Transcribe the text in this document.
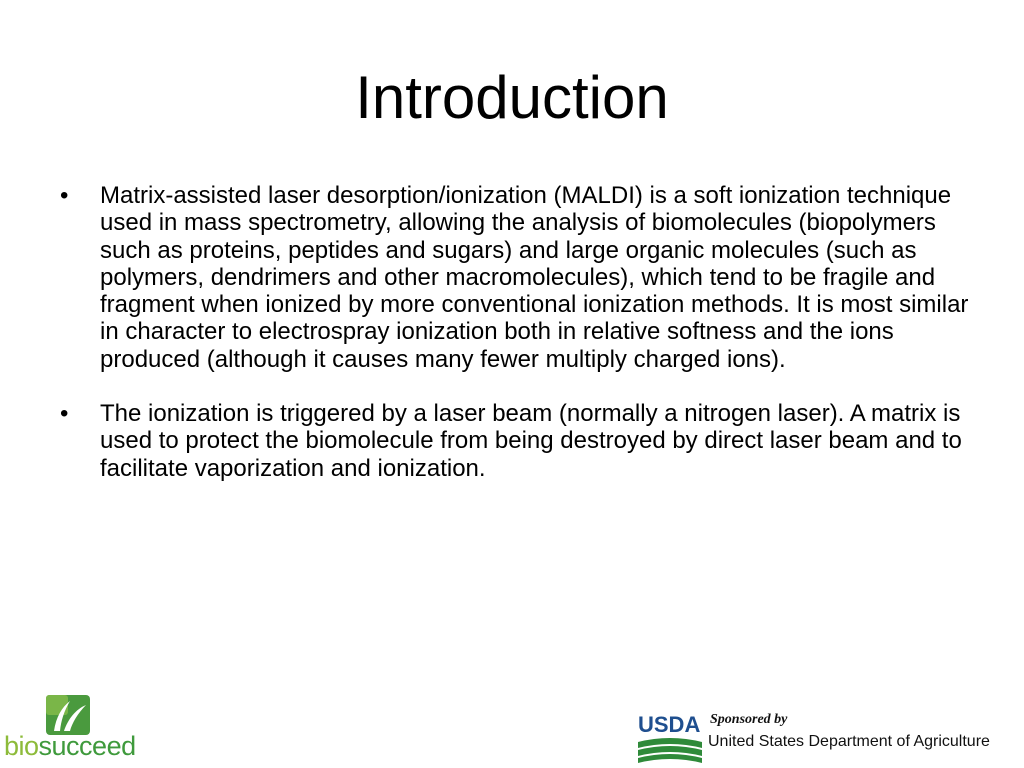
Introduction
• Matrix-assisted laser desorption/ionization (MALDI) is a soft ionization technique used in mass spectrometry, allowing the analysis of biomolecules (biopolymers such as proteins, peptides and sugars) and large organic molecules (such as polymers, dendrimers and other macromolecules), which tend to be fragile and fragment when ionized by more conventional ionization methods. It is most similar in character to electrospray ionization both in relative softness and the ions produced (although it causes many fewer multiply charged ions).
• The ionization is triggered by a laser beam (normally a nitrogen laser). A matrix is used to protect the biomolecule from being destroyed by direct laser beam and to facilitate vaporization and ionization.
biosucceed
USDA Sponsored by
United States Department of Agriculture
